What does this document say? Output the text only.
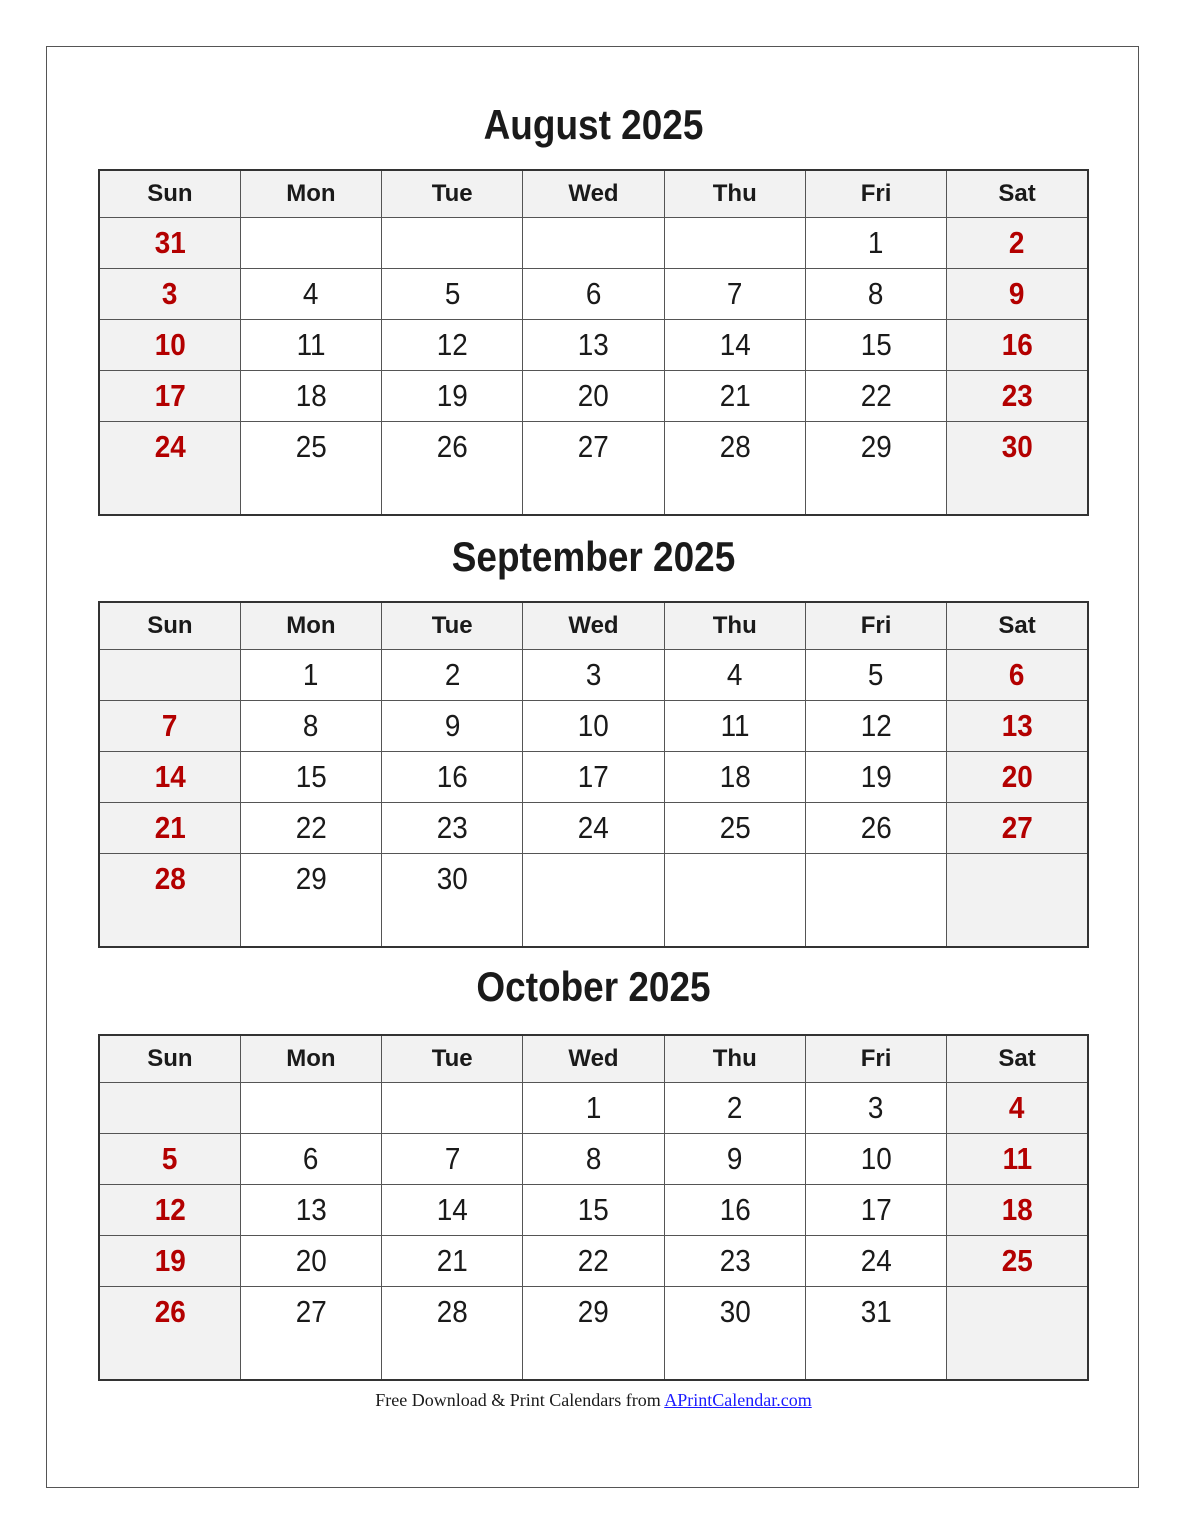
August 2025
Sun	Mon	Tue	Wed	Thu	Fri	Sat
31					1	2
3	4	5	6	7	8	9
10	11	12	13	14	15	16
17	18	19	20	21	22	23
24	25	26	27	28	29	30
September 2025
Sun	Mon	Tue	Wed	Thu	Fri	Sat
	1	2	3	4	5	6
7	8	9	10	11	12	13
14	15	16	17	18	19	20
21	22	23	24	25	26	27
28	29	30				
October 2025
Sun	Mon	Tue	Wed	Thu	Fri	Sat
			1	2	3	4
5	6	7	8	9	10	11
12	13	14	15	16	17	18
19	20	21	22	23	24	25
26	27	28	29	30	31	
Free Download & Print Calendars from APrintCalendar.com
